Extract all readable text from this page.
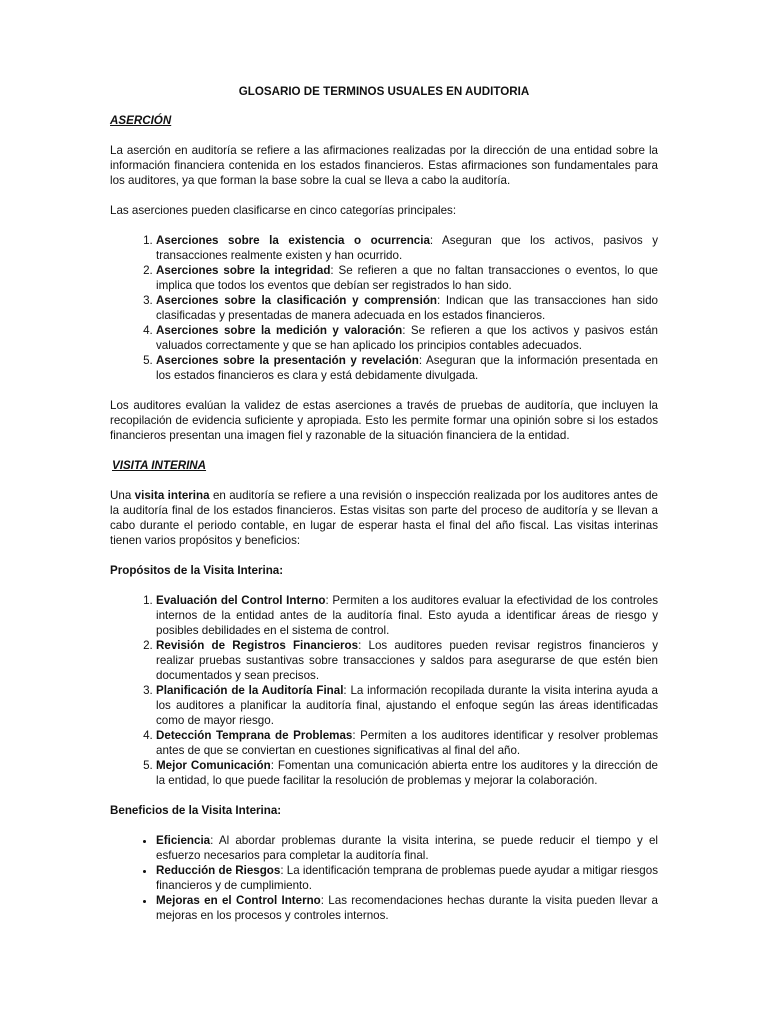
GLOSARIO DE TERMINOS USUALES EN AUDITORIA
ASERCIÓN

La aserción en auditoría se refiere a las afirmaciones realizadas por la dirección de una entidad sobre la información financiera contenida en los estados financieros. Estas afirmaciones son fundamentales para los auditores, ya que forman la base sobre la cual se lleva a cabo la auditoría.

Las aserciones pueden clasificarse en cinco categorías principales:

1. Aserciones sobre la existencia o ocurrencia: Aseguran que los activos, pasivos y transacciones realmente existen y han ocurrido.
2. Aserciones sobre la integridad: Se refieren a que no faltan transacciones o eventos, lo que implica que todos los eventos que debían ser registrados lo han sido.
3. Aserciones sobre la clasificación y comprensión: Indican que las transacciones han sido clasificadas y presentadas de manera adecuada en los estados financieros.
4. Aserciones sobre la medición y valoración: Se refieren a que los activos y pasivos están valuados correctamente y que se han aplicado los principios contables adecuados.
5. Aserciones sobre la presentación y revelación: Aseguran que la información presentada en los estados financieros es clara y está debidamente divulgada.

Los auditores evalúan la validez de estas aserciones a través de pruebas de auditoría, que incluyen la recopilación de evidencia suficiente y apropiada. Esto les permite formar una opinión sobre si los estados financieros presentan una imagen fiel y razonable de la situación financiera de la entidad.

VISITA INTERINA

Una visita interina en auditoría se refiere a una revisión o inspección realizada por los auditores antes de la auditoría final de los estados financieros. Estas visitas son parte del proceso de auditoría y se llevan a cabo durante el periodo contable, en lugar de esperar hasta el final del año fiscal. Las visitas interinas tienen varios propósitos y beneficios:

Propósitos de la Visita Interina:
1. Evaluación del Control Interno: Permiten a los auditores evaluar la efectividad de los controles internos de la entidad antes de la auditoría final. Esto ayuda a identificar áreas de riesgo y posibles debilidades en el sistema de control.
2. Revisión de Registros Financieros: Los auditores pueden revisar registros financieros y realizar pruebas sustantivas sobre transacciones y saldos para asegurarse de que estén bien documentados y sean precisos.
3. Planificación de la Auditoría Final: La información recopilada durante la visita interina ayuda a los auditores a planificar la auditoría final, ajustando el enfoque según las áreas identificadas como de mayor riesgo.
4. Detección Temprana de Problemas: Permiten a los auditores identificar y resolver problemas antes de que se conviertan en cuestiones significativas al final del año.
5. Mejor Comunicación: Fomentan una comunicación abierta entre los auditores y la dirección de la entidad, lo que puede facilitar la resolución de problemas y mejorar la colaboración.
Beneficios de la Visita Interina:
• Eficiencia: Al abordar problemas durante la visita interina, se puede reducir el tiempo y el esfuerzo necesarios para completar la auditoría final.
• Reducción de Riesgos: La identificación temprana de problemas puede ayudar a mitigar riesgos financieros y de cumplimiento.
• Mejoras en el Control Interno: Las recomendaciones hechas durante la visita pueden llevar a mejoras en los procesos y controles internos.
